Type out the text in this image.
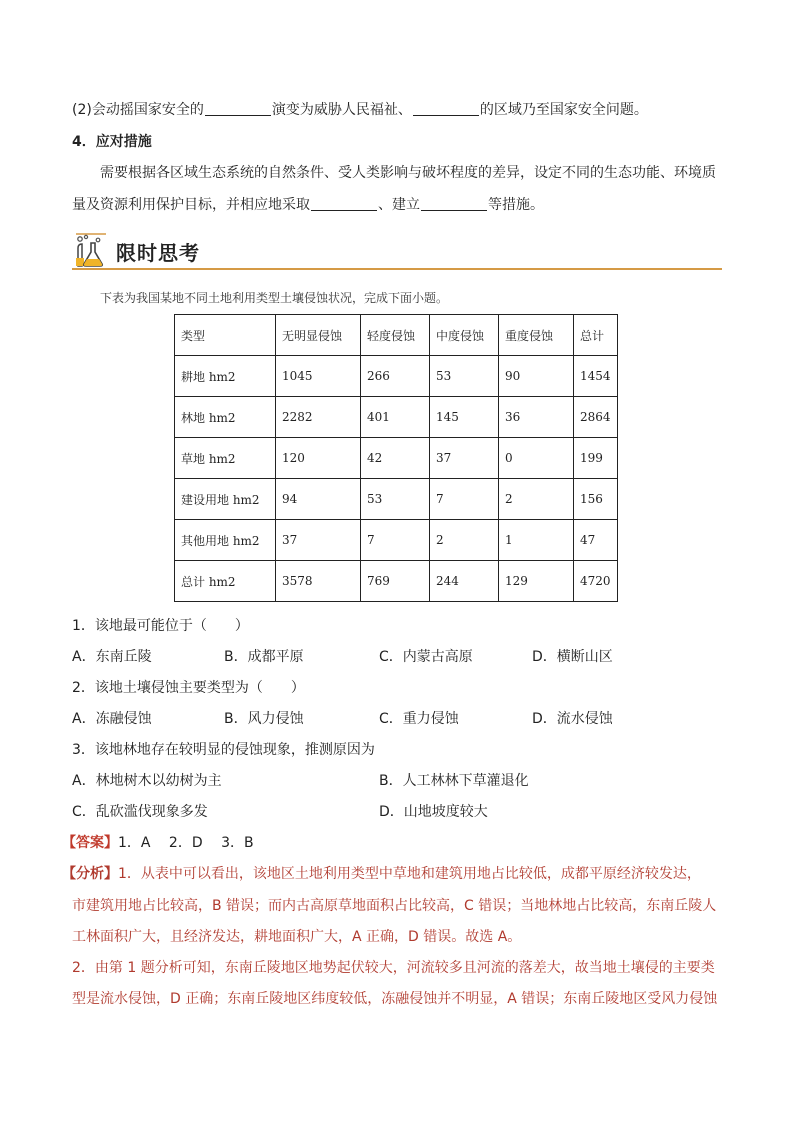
(2)会动摇国家安全的	演变为威胁人民福祉、	的区域乃至国家安全问题。
4．应对措施
需要根据各区域生态系统的自然条件、受人类影响与破坏程度的差异，设定不同的生态功能、环境质
量及资源利用保护目标，并相应地采取	、建立	等措施。
限时思考
下表为我国某地不同土地利用类型土壤侵蚀状况，完成下面小题。
类型	无明显侵蚀	轻度侵蚀	中度侵蚀	重度侵蚀	总计
耕地 hm2	1045	266	53	90	1454
林地 hm2	2282	401	145	36	2864
草地 hm2	120	42	37	0	199
建设用地 hm2	94	53	7	2	156
其他用地 hm2	37	7	2	1	47
总计 hm2	3578	769	244	129	4720
1．该地最可能位于（　　）
A．东南丘陵	B．成都平原	C．内蒙古高原	D．横断山区
2．该地土壤侵蚀主要类型为（　　）
A．冻融侵蚀	B．风力侵蚀	C．重力侵蚀	D．流水侵蚀
3．该地林地存在较明显的侵蚀现象，推测原因为
A．林地树木以幼树为主	B．人工林林下草灌退化
C．乱砍滥伐现象多发	D．山地坡度较大
【答案】1．A　 2．D　 3．B
【分析】1．从表中可以看出，该地区土地利用类型中草地和建筑用地占比较低，成都平原经济较发达，
市建筑用地占比较高，B 错误；而内古高原草地面积占比较高，C 错误；当地林地占比较高，东南丘陵人
工林面积广大，且经济发达，耕地面积广大，A 正确，D 错误。故选 A。
2．由第 1 题分析可知，东南丘陵地区地势起伏较大，河流较多且河流的落差大，故当地土壤侵的主要类
型是流水侵蚀，D 正确；东南丘陵地区纬度较低，冻融侵蚀并不明显，A 错误；东南丘陵地区受风力侵蚀
